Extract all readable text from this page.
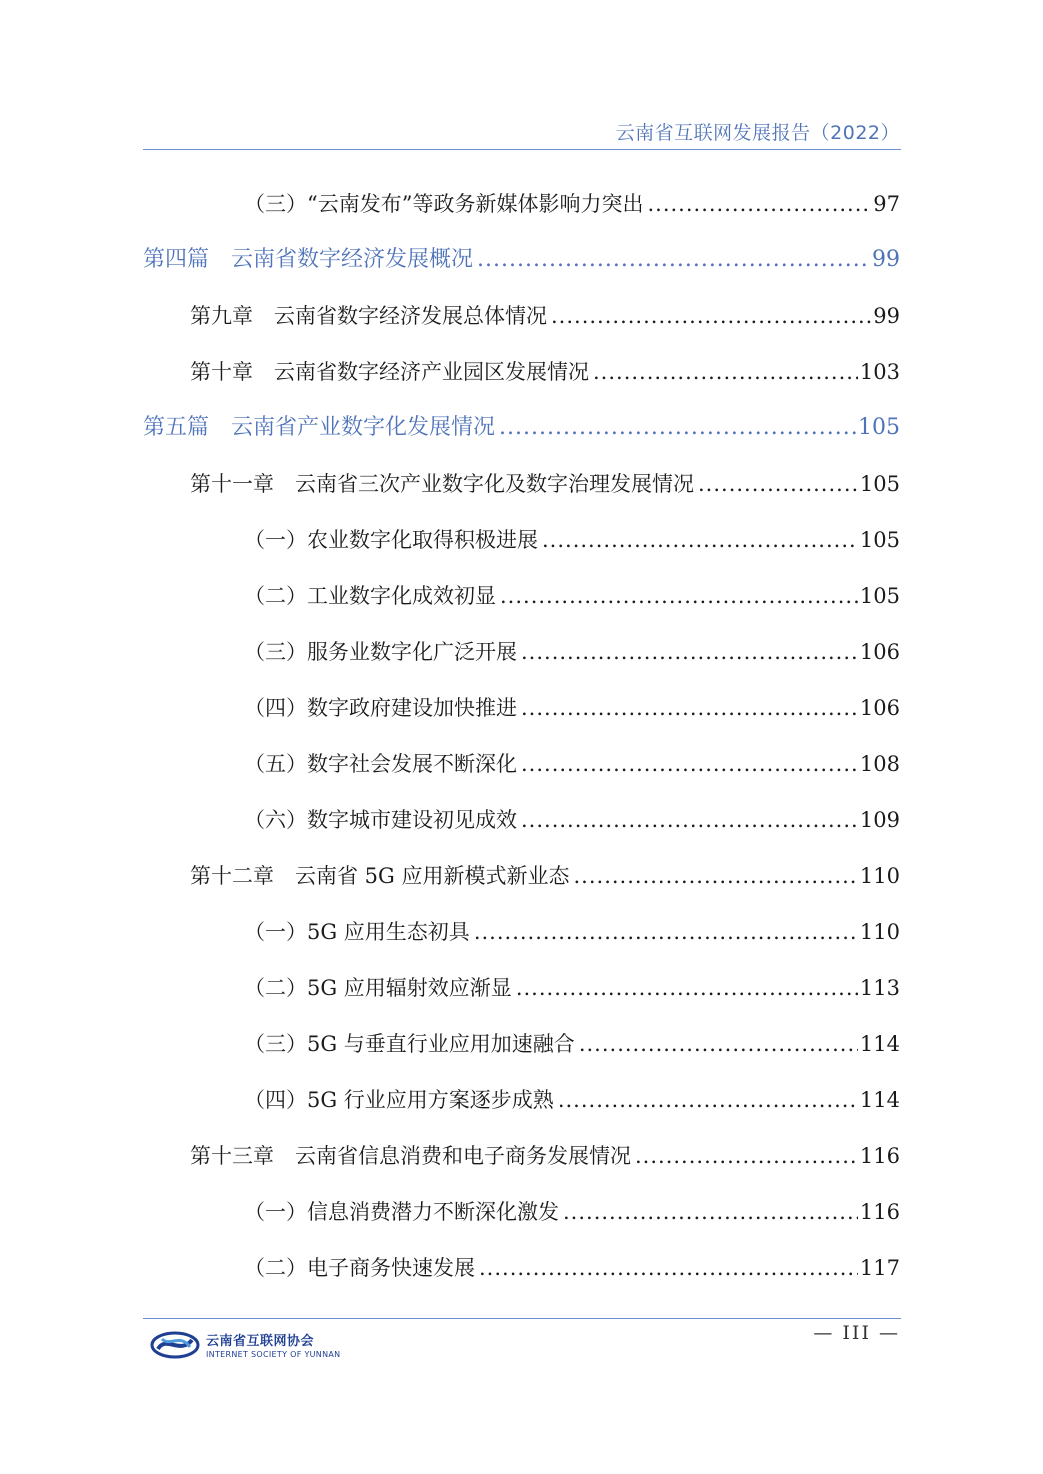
云南省互联网发展报告（2022）
（三）“云南发布”等政务新媒体影响力突出 .....	97
第四篇　云南省数字经济发展概况 .....	99
第九章　云南省数字经济发展总体情况 .....	99
第十章　云南省数字经济产业园区发展情况 .....	103
第五篇　云南省产业数字化发展情况 .....	105
第十一章　云南省三次产业数字化及数字治理发展情况 .....	105
（一）农业数字化取得积极进展 .....	105
（二）工业数字化成效初显 .....	105
（三）服务业数字化广泛开展 .....	106
（四）数字政府建设加快推进 .....	106
（五）数字社会发展不断深化 .....	108
（六）数字城市建设初见成效 .....	109
第十二章　云南省 5G 应用新模式新业态 .....	110
（一）5G 应用生态初具 .....	110
（二）5G 应用辐射效应渐显 .....	113
（三）5G 与垂直行业应用加速融合 .....	114
（四）5G 行业应用方案逐步成熟 .....	114
第十三章　云南省信息消费和电子商务发展情况 .....	116
（一）信息消费潜力不断深化激发 .....	116
（二）电子商务快速发展 .....	117
云南省互联网协会
INTERNET SOCIETY OF YUNNAN
— III —
